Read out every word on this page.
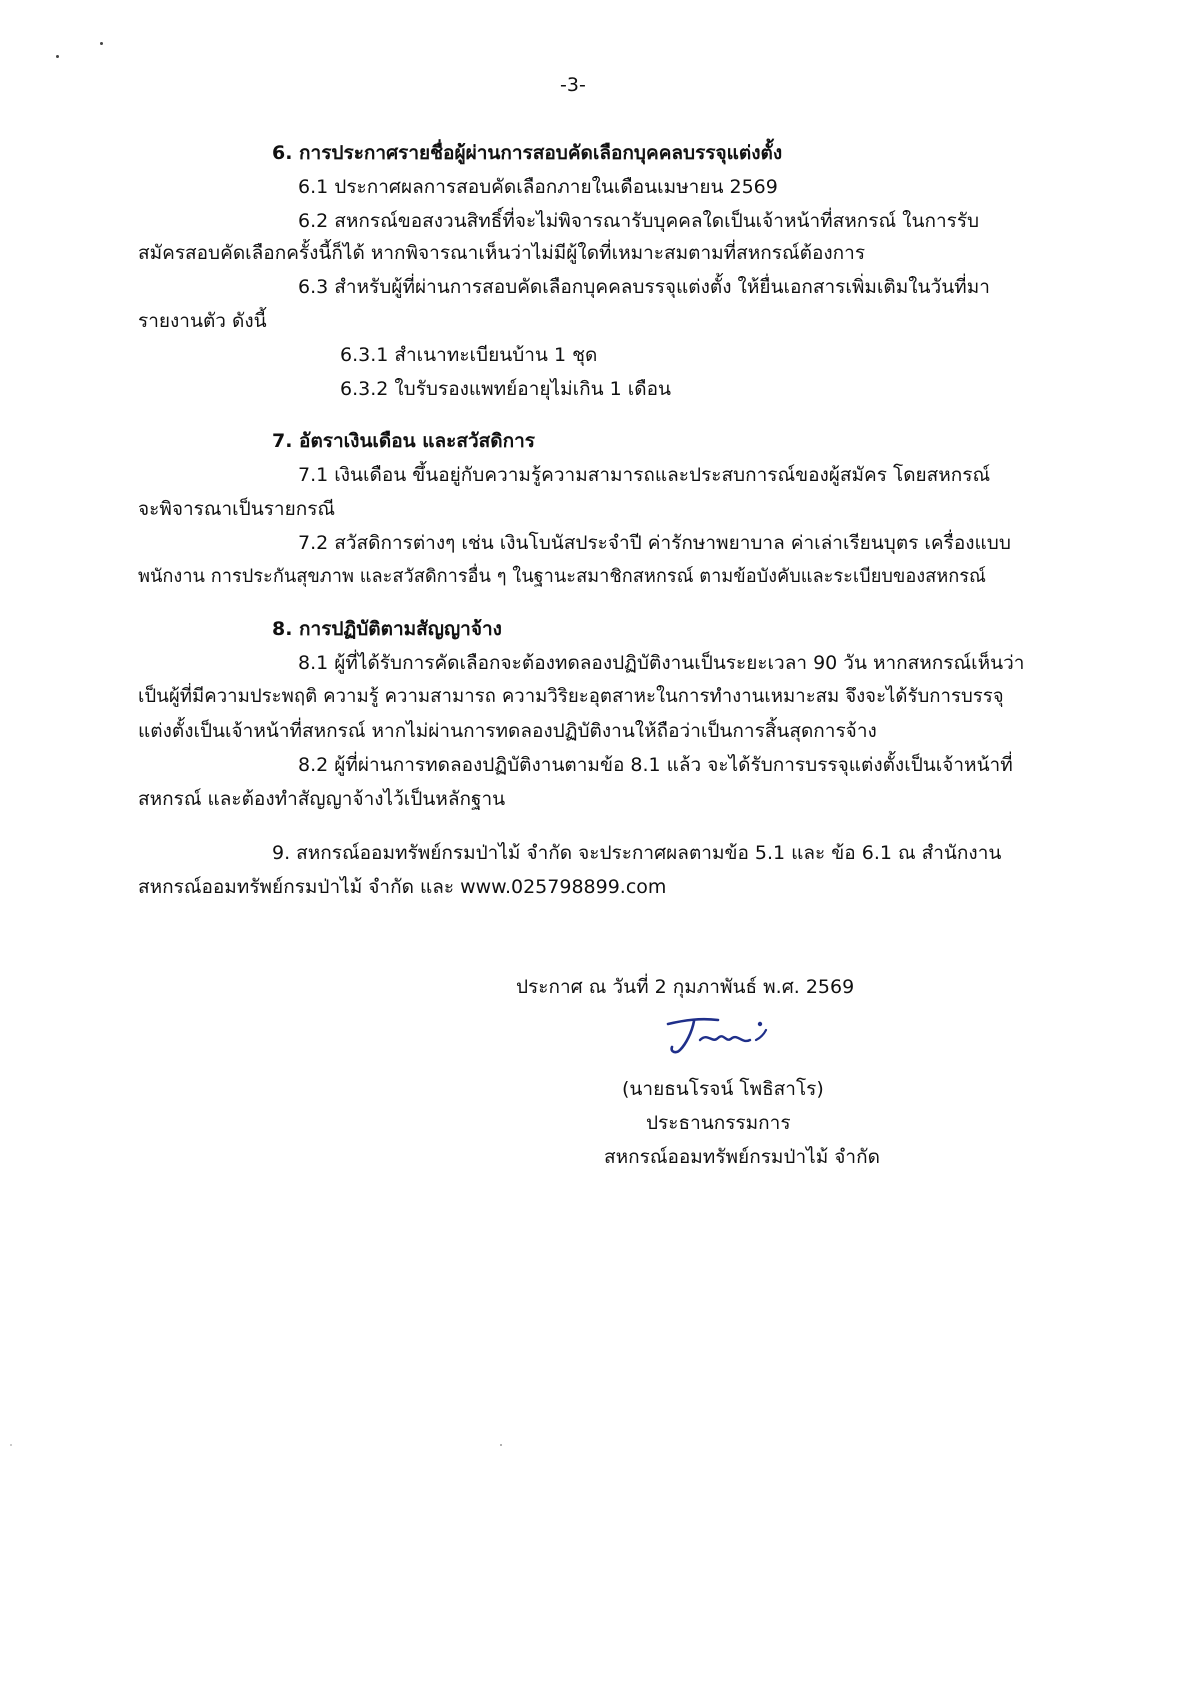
-3-
6. การประกาศรายชื่อผู้ผ่านการสอบคัดเลือกบุคคลบรรจุแต่งตั้ง
6.1 ประกาศผลการสอบคัดเลือกภายในเดือนเมษายน 2569
6.2 สหกรณ์ขอสงวนสิทธิ์ที่จะไม่พิจารณารับบุคคลใดเป็นเจ้าหน้าที่สหกรณ์ ในการรับ
สมัครสอบคัดเลือกครั้งนี้ก็ได้ หากพิจารณาเห็นว่าไม่มีผู้ใดที่เหมาะสมตามที่สหกรณ์ต้องการ
6.3 สำหรับผู้ที่ผ่านการสอบคัดเลือกบุคคลบรรจุแต่งตั้ง ให้ยื่นเอกสารเพิ่มเติมในวันที่มา
รายงานตัว ดังนี้
6.3.1 สำเนาทะเบียนบ้าน 1 ชุด
6.3.2 ใบรับรองแพทย์อายุไม่เกิน 1 เดือน
7. อัตราเงินเดือน และสวัสดิการ
7.1 เงินเดือน ขึ้นอยู่กับความรู้ความสามารถและประสบการณ์ของผู้สมัคร โดยสหกรณ์
จะพิจารณาเป็นรายกรณี
7.2 สวัสดิการต่างๆ เช่น เงินโบนัสประจำปี ค่ารักษาพยาบาล ค่าเล่าเรียนบุตร เครื่องแบบ
พนักงาน การประกันสุขภาพ และสวัสดิการอื่น ๆ ในฐานะสมาชิกสหกรณ์ ตามข้อบังคับและระเบียบของสหกรณ์
8. การปฏิบัติตามสัญญาจ้าง
8.1 ผู้ที่ได้รับการคัดเลือกจะต้องทดลองปฏิบัติงานเป็นระยะเวลา 90 วัน หากสหกรณ์เห็นว่า
เป็นผู้ที่มีความประพฤติ ความรู้ ความสามารถ ความวิริยะอุตสาหะในการทำงานเหมาะสม จึงจะได้รับการบรรจุ
แต่งตั้งเป็นเจ้าหน้าที่สหกรณ์ หากไม่ผ่านการทดลองปฏิบัติงานให้ถือว่าเป็นการสิ้นสุดการจ้าง
8.2 ผู้ที่ผ่านการทดลองปฏิบัติงานตามข้อ 8.1 แล้ว จะได้รับการบรรจุแต่งตั้งเป็นเจ้าหน้าที่
สหกรณ์ และต้องทำสัญญาจ้างไว้เป็นหลักฐาน
9. สหกรณ์ออมทรัพย์กรมป่าไม้ จำกัด จะประกาศผลตามข้อ 5.1 และ ข้อ 6.1 ณ สำนักงาน
สหกรณ์ออมทรัพย์กรมป่าไม้ จำกัด และ www.025798899.com
ประกาศ ณ วันที่ 2 กุมภาพันธ์ พ.ศ. 2569
(นายธนโรจน์ โพธิสาโร)
ประธานกรรมการ
สหกรณ์ออมทรัพย์กรมป่าไม้ จำกัด
